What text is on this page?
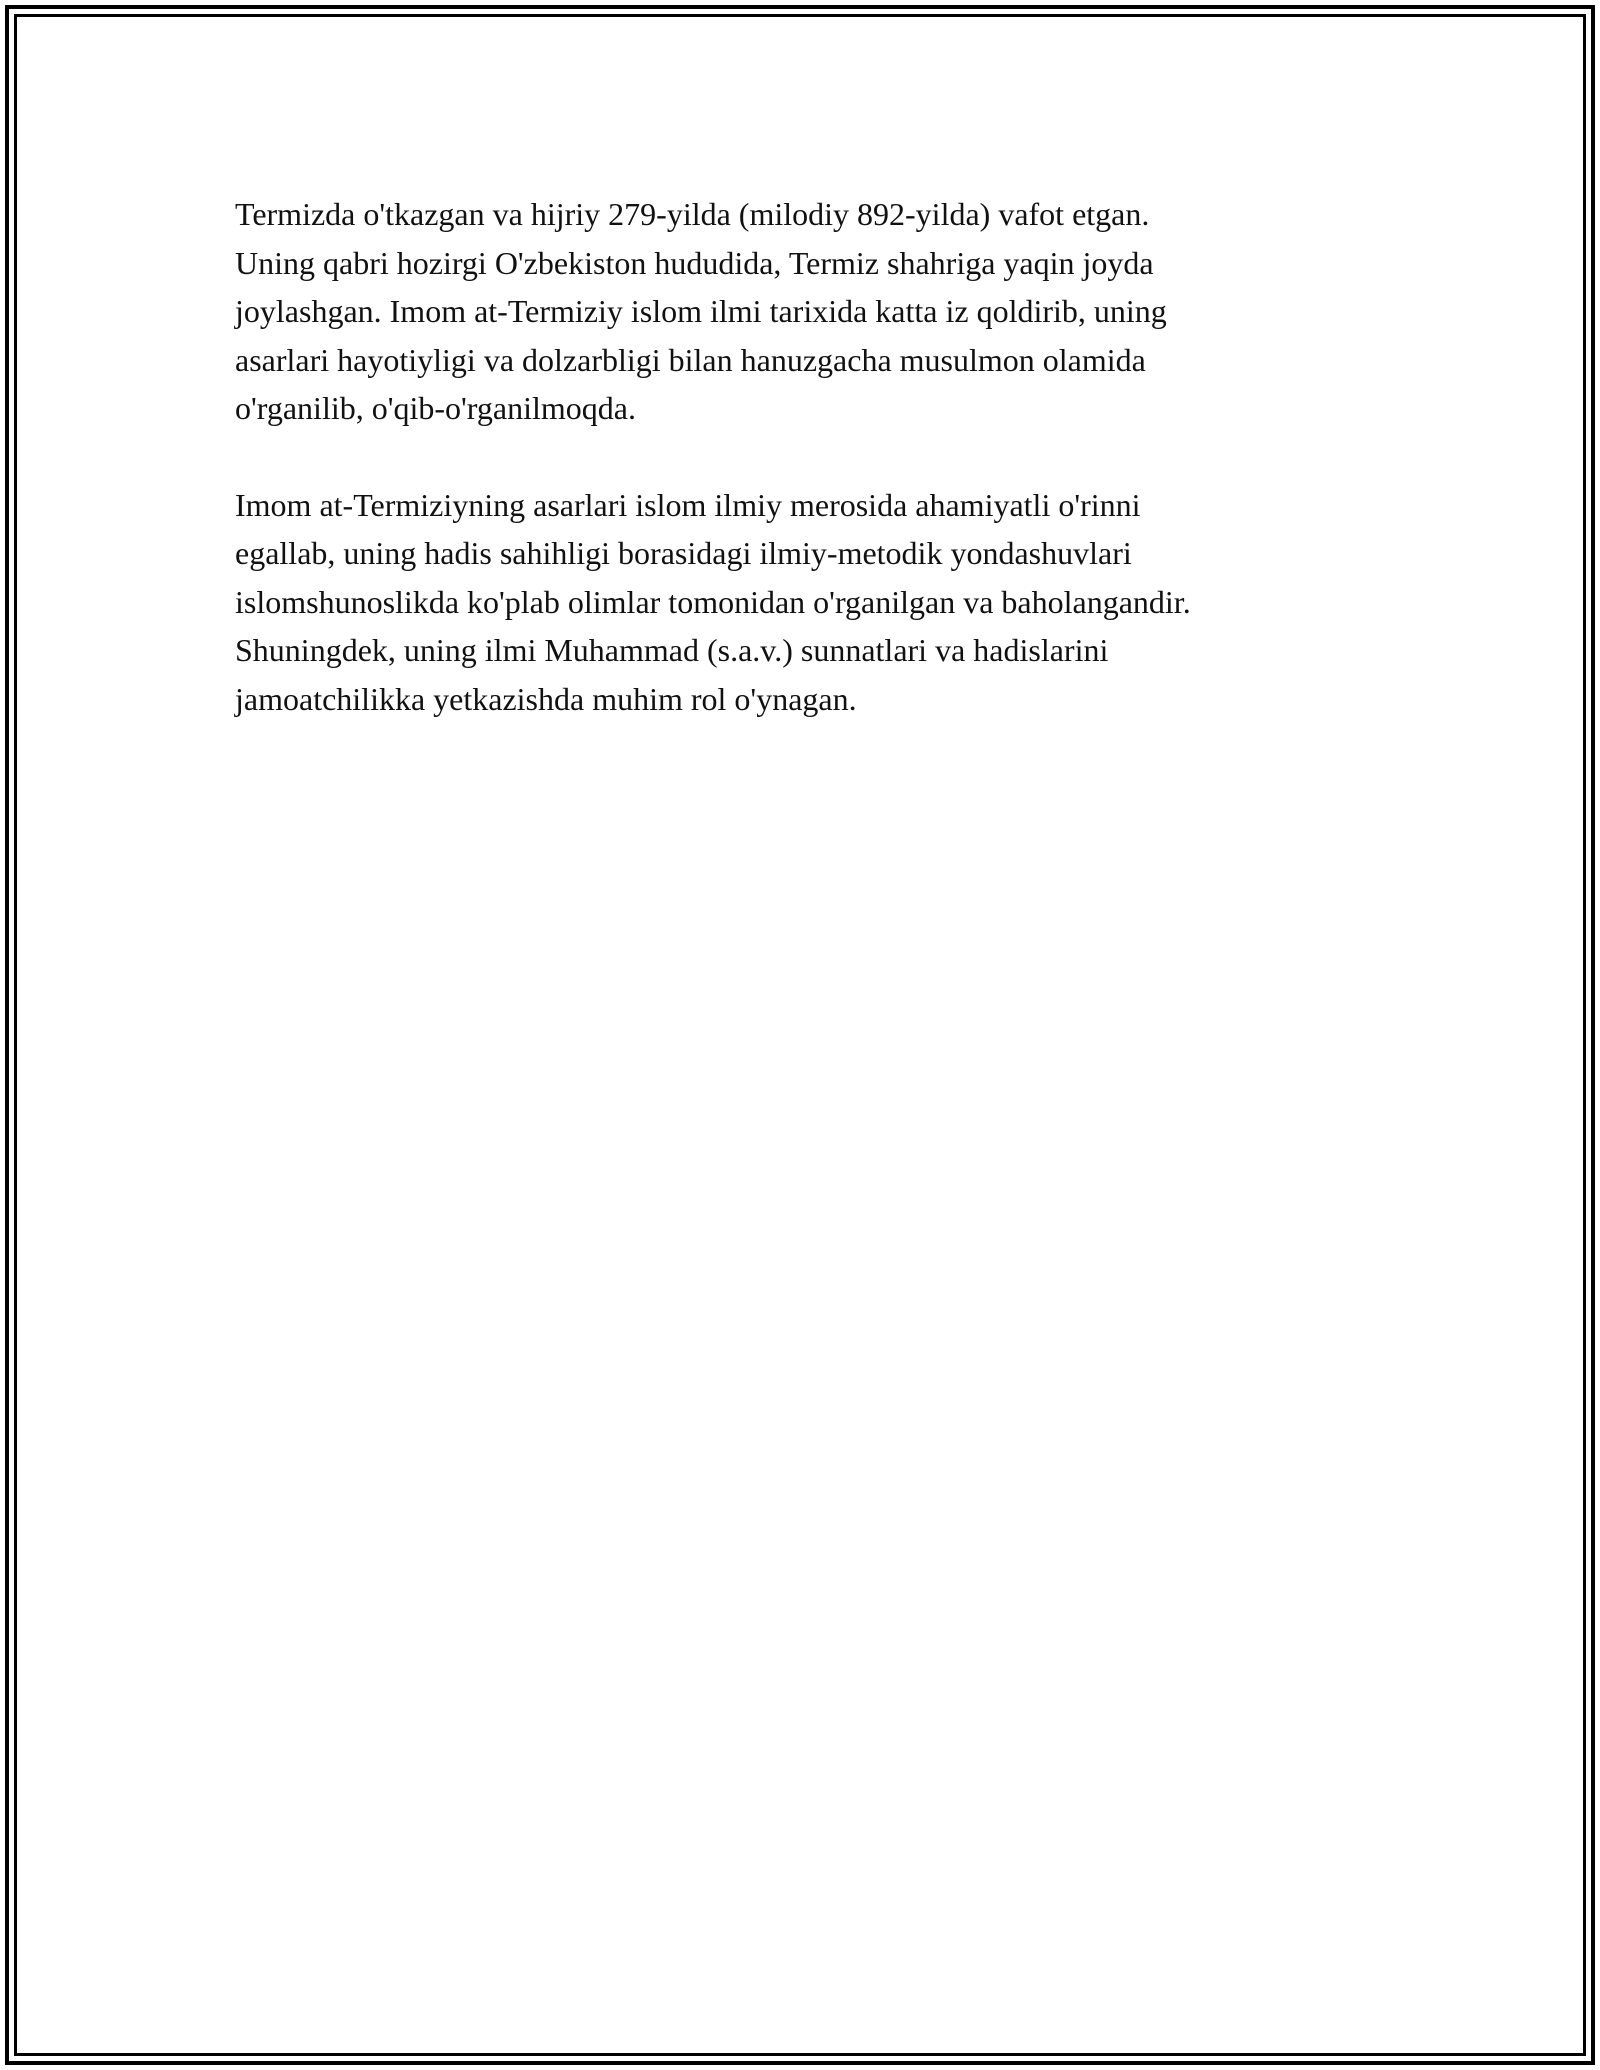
Termizda o'tkazgan va hijriy 279-yilda (milodiy 892-yilda) vafot etgan.
Uning qabri hozirgi O'zbekiston hududida, Termiz shahriga yaqin joyda
joylashgan. Imom at-Termiziy islom ilmi tarixida katta iz qoldirib, uning
asarlari hayotiyligi va dolzarbligi bilan hanuzgacha musulmon olamida
o'rganilib, o'qib-o'rganilmoqda.

Imom at-Termiziyning asarlari islom ilmiy merosida ahamiyatli o'rinni
egallab, uning hadis sahihligi borasidagi ilmiy-metodik yondashuvlari
islomshunoslikda ko'plab olimlar tomonidan o'rganilgan va baholangandir.
Shuningdek, uning ilmi Muhammad (s.a.v.) sunnatlari va hadislarini
jamoatchilikka yetkazishda muhim rol o'ynagan.
